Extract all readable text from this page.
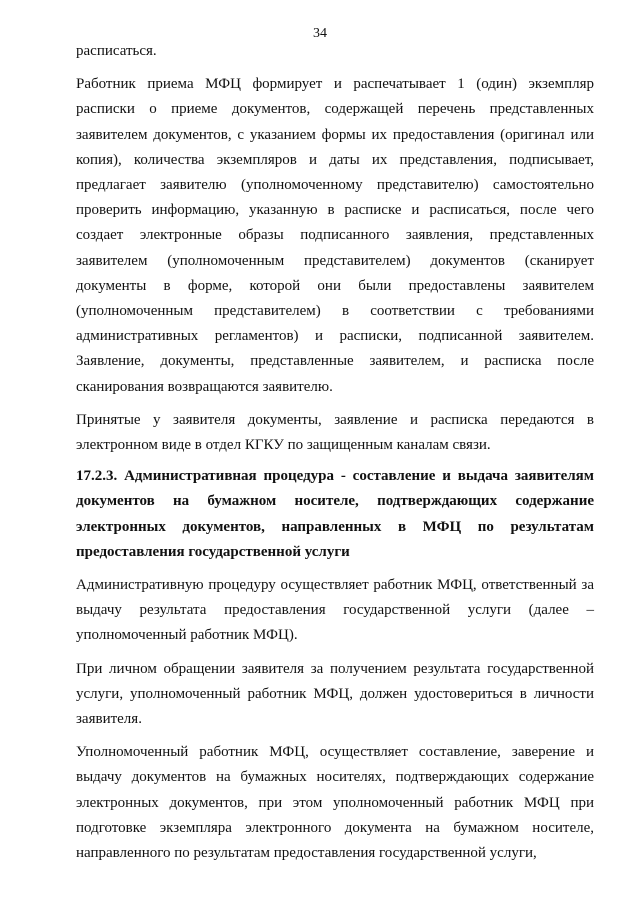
34

расписаться.

Работник приема МФЦ формирует и распечатывает 1 (один) экземпляр расписки о приеме документов, содержащей перечень представленных заявителем документов, с указанием формы их предоставления (оригинал или копия), количества экземпляров и даты их представления, подписывает, предлагает заявителю (уполномоченному представителю) самостоятельно проверить информацию, указанную в расписке и расписаться, после чего создает электронные образы подписанного заявления, представленных заявителем (уполномоченным представителем) документов (сканирует документы в форме, которой они были предоставлены заявителем (уполномоченным представителем) в соответствии с требованиями административных регламентов) и расписки, подписанной заявителем. Заявление, документы, представленные заявителем, и расписка после сканирования возвращаются заявителю.

Принятые у заявителя документы, заявление и расписка передаются в электронном виде в отдел КГКУ по защищенным каналам связи.

17.2.3. Административная процедура - составление и выдача заявителям документов на бумажном носителе, подтверждающих содержание электронных документов, направленных в МФЦ по результатам предоставления государственной услуги

Административную процедуру осуществляет работник МФЦ, ответственный за выдачу результата предоставления государственной услуги (далее – уполномоченный работник МФЦ).

При личном обращении заявителя за получением результата государственной услуги, уполномоченный работник МФЦ, должен удостовериться в личности заявителя.

Уполномоченный работник МФЦ, осуществляет составление, заверение и выдачу документов на бумажных носителях, подтверждающих содержание электронных документов, при этом уполномоченный работник МФЦ при подготовке экземпляра электронного документа на бумажном носителе, направленного по результатам предоставления государственной услуги,
